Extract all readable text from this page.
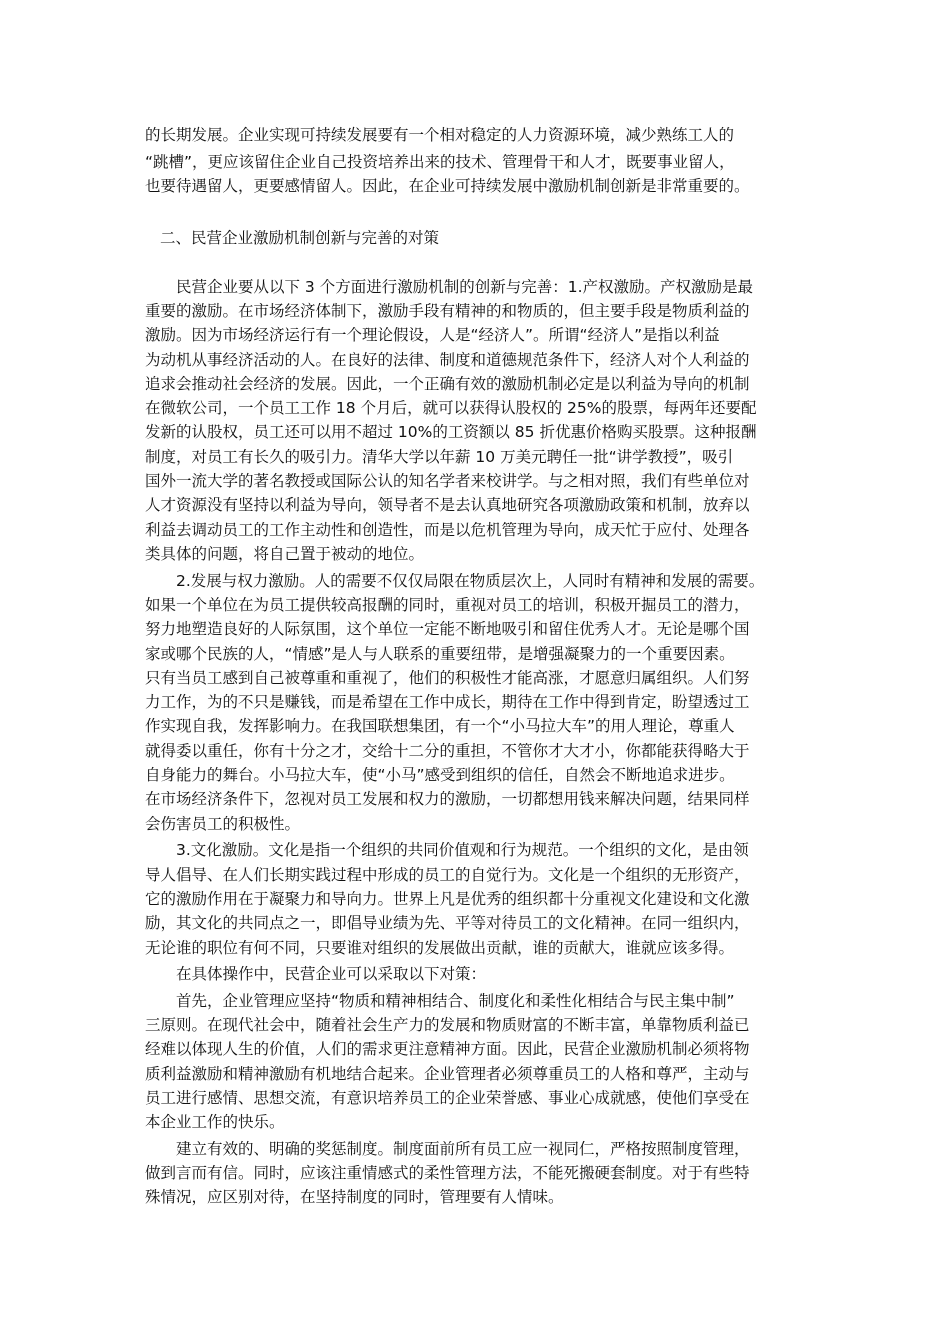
的长期发展。企业实现可持续发展要有一个相对稳定的人力资源环境，减少熟练工人的
“跳槽”，更应该留住企业自己投资培养出来的技术、管理骨干和人才，既要事业留人，
也要待遇留人，更要感情留人。因此，在企业可持续发展中激励机制创新是非常重要的。
二、民营企业激励机制创新与完善的对策
　　民营企业要从以下 3 个方面进行激励机制的创新与完善：1.产权激励。产权激励是最
重要的激励。在市场经济体制下，激励手段有精神的和物质的，但主要手段是物质利益的
激励。因为市场经济运行有一个理论假设，人是“经济人”。所谓“经济人”是指以利益
为动机从事经济活动的人。在良好的法律、制度和道德规范条件下，经济人对个人利益的
追求会推动社会经济的发展。因此，一个正确有效的激励机制必定是以利益为导向的机制
在微软公司，一个员工工作 18 个月后，就可以获得认股权的 25%的股票，每两年还要配
发新的认股权，员工还可以用不超过 10%的工资额以 85 折优惠价格购买股票。这种报酬
制度，对员工有长久的吸引力。清华大学以年薪 10 万美元聘任一批“讲学教授”，吸引
国外一流大学的著名教授或国际公认的知名学者来校讲学。与之相对照，我们有些单位对
人才资源没有坚持以利益为导向，领导者不是去认真地研究各项激励政策和机制，放弃以
利益去调动员工的工作主动性和创造性，而是以危机管理为导向，成天忙于应付、处理各
类具体的问题，将自己置于被动的地位。
　　2.发展与权力激励。人的需要不仅仅局限在物质层次上，人同时有精神和发展的需要。
如果一个单位在为员工提供较高报酬的同时，重视对员工的培训，积极开掘员工的潜力，
努力地塑造良好的人际氛围，这个单位一定能不断地吸引和留住优秀人才。无论是哪个国
家或哪个民族的人，“情感”是人与人联系的重要纽带，是增强凝聚力的一个重要因素。
只有当员工感到自己被尊重和重视了，他们的积极性才能高涨，才愿意归属组织。人们努
力工作，为的不只是赚钱，而是希望在工作中成长，期待在工作中得到肯定，盼望透过工
作实现自我，发挥影响力。在我国联想集团，有一个“小马拉大车”的用人理论，尊重人
就得委以重任，你有十分之才，交给十二分的重担，不管你才大才小，你都能获得略大于
自身能力的舞台。小马拉大车，使“小马”感受到组织的信任，自然会不断地追求进步。
在市场经济条件下，忽视对员工发展和权力的激励，一切都想用钱来解决问题，结果同样
会伤害员工的积极性。
　　3.文化激励。文化是指一个组织的共同价值观和行为规范。一个组织的文化，是由领
导人倡导、在人们长期实践过程中形成的员工的自觉行为。文化是一个组织的无形资产，
它的激励作用在于凝聚力和导向力。世界上凡是优秀的组织都十分重视文化建设和文化激
励，其文化的共同点之一，即倡导业绩为先、平等对待员工的文化精神。在同一组织内，
无论谁的职位有何不同，只要谁对组织的发展做出贡献，谁的贡献大，谁就应该多得。
　　在具体操作中，民营企业可以采取以下对策：
　　首先，企业管理应坚持“物质和精神相结合、制度化和柔性化相结合与民主集中制”
三原则。在现代社会中，随着社会生产力的发展和物质财富的不断丰富，单靠物质利益已
经难以体现人生的价值，人们的需求更注意精神方面。因此，民营企业激励机制必须将物
质利益激励和精神激励有机地结合起来。企业管理者必须尊重员工的人格和尊严，主动与
员工进行感情、思想交流，有意识培养员工的企业荣誉感、事业心成就感，使他们享受在
本企业工作的快乐。
　　建立有效的、明确的奖惩制度。制度面前所有员工应一视同仁，严格按照制度管理，
做到言而有信。同时，应该注重情感式的柔性管理方法，不能死搬硬套制度。对于有些特
殊情况，应区别对待，在坚持制度的同时，管理要有人情味。
